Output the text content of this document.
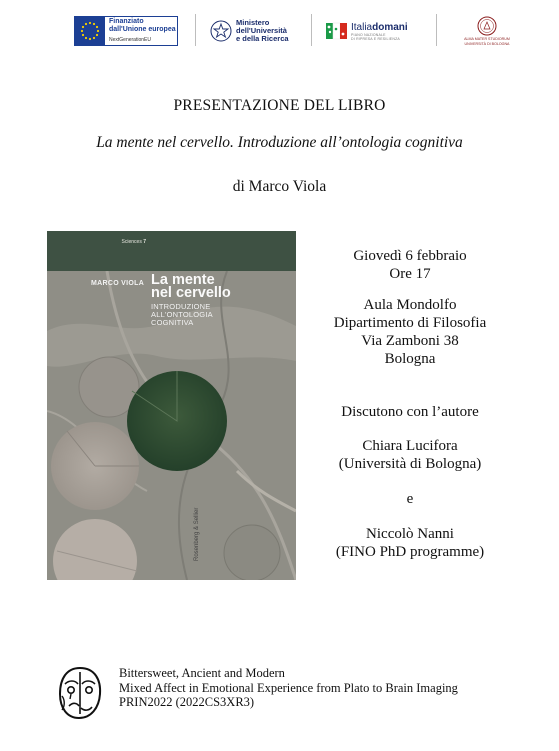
Finanziato
dall'Unione europea
NextGenerationEU
Ministero
dell'Università
e della Ricerca
Italiadomani
PIANO NAZIONALE
DI RIPRESA E RESILIENZA	ALMA MATER STUDIORUM
UNIVERSITÀ DI BOLOGNA
PRESENTAZIONE DEL LIBRO
La mente nel cervello. Introduzione all’ontologia cognitiva
di Marco Viola
Sciences 7
MARCO VIOLA La mente
nel cervello
INTRODUZIONE
ALL'ONTOLOGIA
COGNITIVA
Rosenberg & Sellier
Giovedì 6 febbraio
Ore 17
Aula Mondolfo
Dipartimento di Filosofia
Via Zamboni 38
Bologna
Discutono con l’autore
Chiara Lucifora
(Università di Bologna)
e
Niccolò Nanni
(FINO PhD programme)
Bittersweet, Ancient and Modern
Mixed Affect in Emotional Experience from Plato to Brain Imaging
PRIN2022 (2022CS3XR3)
